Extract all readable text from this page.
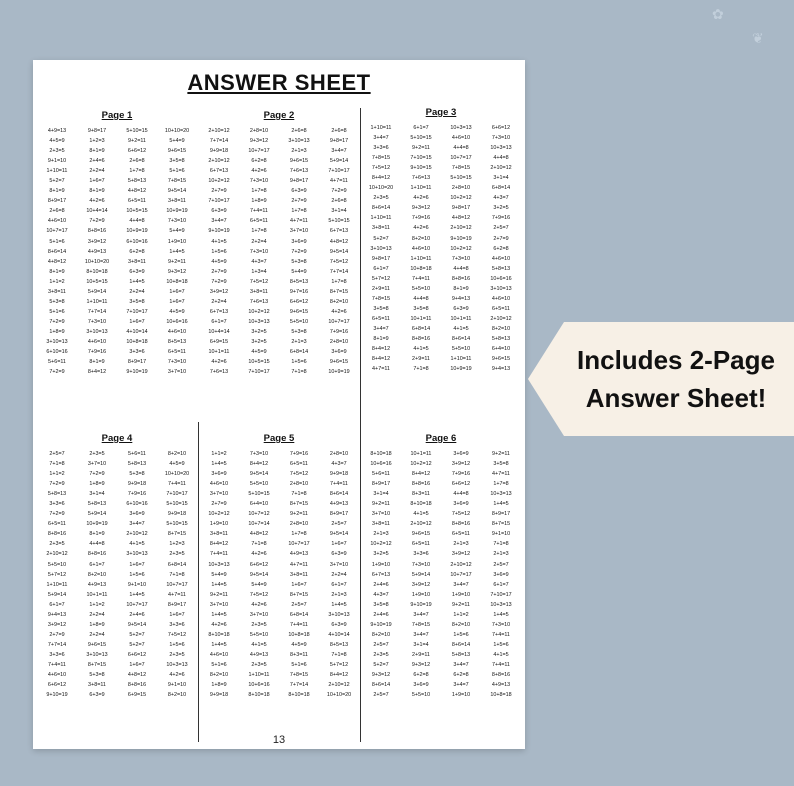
✿
❦
ANSWER SHEET
Page 1
4+9=13	9+8=17	5+10=15	10+10=20
4+5=9	1+2=3	9+2=11	5+4=9
2+3=5	8+1=9	6+6=12	9+6=15
9+1=10	2+4=6	2+6=8	3+5=8
1+10=11	2+2=4	1+7=8	5+1=6
5+2=7	1+6=7	5+8=13	7+8=15
8+1=9	8+1=9	4+8=12	9+5=14
8+9=17	4+2=6	6+5=11	3+8=11
2+6=8	10+4=14	10+5=15	10+9=19
4+6=10	7+2=9	4+4=8	7+3=10
10+7=17	8+8=16	10+9=19	5+4=9
5+1=6	3+9=12	6+10=16	1+9=10
8+6=14	4+9=13	6+2=8	1+4=5
4+8=12	10+10=20	3+8=11	9+2=11
8+1=9	8+10=18	6+3=9	9+3=12
1+1=2	10+5=15	1+4=5	10+8=18
3+8=11	5+9=14	2+2=4	1+6=7
5+3=8	1+10=11	3+5=8	1+6=7
5+1=6	7+7=14	7+10=17	4+5=9
7+2=9	7+3=10	1+6=7	10+6=16
1+8=9	3+10=13	4+10=14	4+6=10
3+10=13	4+6=10	10+8=18	8+5=13
6+10=16	7+9=16	3+3=6	6+5=11
5+6=11	8+1=9	8+9=17	7+3=10
7+2=9	8+4=12	9+10=19	3+7=10
Page 2
2+10=12	2+8=10	2+6=8	2+6=8
7+7=14	9+3=12	3+10=13	9+8=17
9+9=18	10+7=17	2+1=3	3+4=7
2+10=12	6+2=8	9+6=15	5+9=14
6+7=13	4+2=6	7+6=13	7+10=17
10+2=12	7+3=10	9+8=17	4+7=11
2+7=9	1+7=8	6+3=9	7+2=9
7+10=17	1+8=9	2+7=9	2+6=8
6+3=9	7+4=11	1+7=8	3+1=4
3+4=7	6+5=11	4+7=11	5+10=15
9+10=19	1+7=8	3+7=10	6+7=13
4+1=5	2+2=4	3+6=9	4+8=12
1+5=6	7+3=10	7+2=9	9+5=14
4+5=9	4+3=7	5+3=8	7+5=12
2+7=9	1+3=4	5+4=9	7+7=14
7+2=9	7+5=12	8+5=13	1+7=8
3+9=12	3+8=11	9+7=16	8+7=15
2+2=4	7+6=13	6+6=12	8+2=10
6+7=13	10+2=12	9+6=15	4+2=6
6+1=7	10+3=13	5+5=10	10+7=17
10+4=14	3+2=5	5+3=8	7+9=16
6+9=15	3+2=5	2+1=3	2+8=10
10+1=11	4+5=9	6+8=14	3+6=9
4+2=6	10+5=15	1+5=6	9+6=15
7+6=13	7+10=17	7+1=8	10+9=19
Page 3
1+10=11	6+1=7	10+3=13	6+6=12
3+4=7	5+10=15	4+6=10	7+3=10
3+3=6	9+2=11	4+4=8	10+3=13
7+8=15	7+10=15	10+7=17	4+4=8
7+5=12	9+10=15	7+8=15	2+10=12
8+4=12	7+6=13	5+10=15	3+1=4
10+10=20	1+10=11	2+8=10	6+8=14
2+3=5	4+2=6	10+2=12	4+3=7
8+6=14	9+3=12	9+8=17	3+2=5
1+10=11	7+9=16	4+8=12	7+9=16
3+8=11	4+2=6	2+10=12	2+5=7
5+2=7	8+2=10	9+10=19	2+7=9
3+10=13	4+6=10	10+2=12	6+2=8
9+8=17	1+10=11	7+3=10	4+6=10
6+1=7	10+8=18	4+4=8	5+8=13
5+7=12	7+4=11	8+8=16	10+6=16
2+9=11	5+5=10	8+1=9	3+10=13
7+8=15	4+4=8	9+4=13	4+6=10
3+5=8	3+5=8	6+3=9	6+5=11
6+5=11	10+1=11	10+1=11	2+10=12
3+4=7	6+8=14	4+1=5	8+2=10
8+1=9	8+8=16	8+6=14	5+8=13
8+4=12	4+1=5	5+5=10	6+4=10
8+4=12	2+9=11	1+10=11	9+6=15
4+7=11	7+1=8	10+9=19	9+4=13
Page 4
2+5=7	2+3=5	5+6=11	8+2=10
7+1=8	3+7=10	5+8=13	4+5=9
1+1=2	7+2=9	5+3=8	10+10=20
7+2=9	1+8=9	9+9=18	7+4=11
5+8=13	3+1=4	7+9=16	7+10=17
3+3=6	5+8=13	6+10=16	5+10=15
7+2=9	5+9=14	3+6=9	9+9=18
6+5=11	10+9=19	3+4=7	5+10=15
8+8=16	8+1=9	2+10=12	8+7=15
2+3=5	4+4=8	4+1=5	1+2=3
2+10=12	8+8=16	3+10=13	2+3=5
5+5=10	6+1=7	1+6=7	6+8=14
5+7=12	8+2=10	1+5=6	7+1=8
1+10=11	4+9=13	9+1=10	10+7=17
5+9=14	10+1=11	1+4=5	4+7=11
6+1=7	1+1=2	10+7=17	8+9=17
9+4=13	2+2=4	2+4=6	1+6=7
3+9=12	1+8=9	9+5=14	3+3=6
2+7=9	2+2=4	5+2=7	7+5=12
7+7=14	9+6=15	5+2=7	1+5=6
3+3=6	3+10=13	6+6=12	2+3=5
7+4=11	8+7=15	1+6=7	10+3=13
4+6=10	5+3=8	4+8=12	4+2=6
6+6=12	3+8=11	8+8=16	9+1=10
9+10=19	6+3=9	6+9=15	8+2=10
Page 5
1+1=2	7+3=10	7+9=16	2+8=10
1+4=5	8+4=12	6+5=11	4+3=7
3+6=9	9+5=14	7+5=12	9+9=18
4+6=10	5+5=10	2+8=10	7+4=11
3+7=10	5+10=15	7+1=8	8+6=14
2+7=9	6+4=10	8+7=15	4+9=13
10+2=12	10+7=12	9+2=11	8+9=17
1+9=10	10+7=14	2+8=10	2+5=7
3+8=11	4+8=12	1+7=8	9+5=14
8+4=12	7+1=8	10+7=17	1+6=7
7+4=11	4+2=6	4+9=13	6+3=9
10+3=13	6+6=12	4+7=11	3+7=10
5+4=9	9+5=14	3+8=11	2+2=4
1+4=5	5+4=9	1+6=7	6+1=7
9+2=11	7+5=12	8+7=15	2+1=3
3+7=10	4+2=6	2+5=7	1+4=5
1+4=5	3+7=10	6+8=14	3+10=13
4+2=6	2+3=5	7+4=11	6+3=9
8+10=18	5+5=10	10+8=18	4+10=14
1+4=5	4+1=5	4+5=9	8+5=13
4+6=10	4+9=13	8+3=11	7+1=8
5+1=6	2+3=5	5+1=6	5+7=12
8+2=10	1+10=11	7+8=15	8+4=12
1+8=9	10+6=16	7+7=14	2+10=12
9+9=18	8+10=18	8+10=18	10+10=20
Page 6
8+10=18	10+1=11	3+6=9	9+2=11
10+6=16	10+2=12	3+9=12	3+5=8
5+6=11	8+4=12	7+9=16	4+7=11
8+9=17	8+8=16	6+6=12	1+7=8
3+1=4	8+3=11	4+4=8	10+3=13
9+2=11	8+10=18	3+6=9	1+4=5
3+7=10	4+1=5	7+5=12	8+9=17
3+8=11	2+10=12	8+8=16	8+7=15
2+1=3	9+6=15	6+5=11	9+1=10
10+2=12	6+5=11	2+1=3	7+1=8
3+2=5	3+3=6	3+9=12	2+1=3
1+9=10	7+3=10	2+10=12	2+5=7
6+7=13	5+9=14	10+7=17	3+6=9
2+4=6	3+9=12	3+4=7	6+1=7
4+3=7	1+9=10	1+9=10	7+10=17
3+5=8	9+10=19	9+2=11	10+3=13
2+4=6	3+4=7	1+1=2	1+4=5
9+10=19	7+8=15	8+2=10	7+3=10
8+2=10	3+4=7	1+5=6	7+4=11
2+5=7	3+1=4	8+6=14	1+5=6
2+3=5	2+9=11	5+8=13	4+1=5
5+2=7	9+3=12	3+4=7	7+4=11
9+3=12	6+2=8	6+2=8	8+8=16
8+6=14	3+6=9	3+4=7	4+9=13
2+5=7	5+5=10	1+9=10	10+8=18
13
Includes 2-Page
Answer Sheet!
